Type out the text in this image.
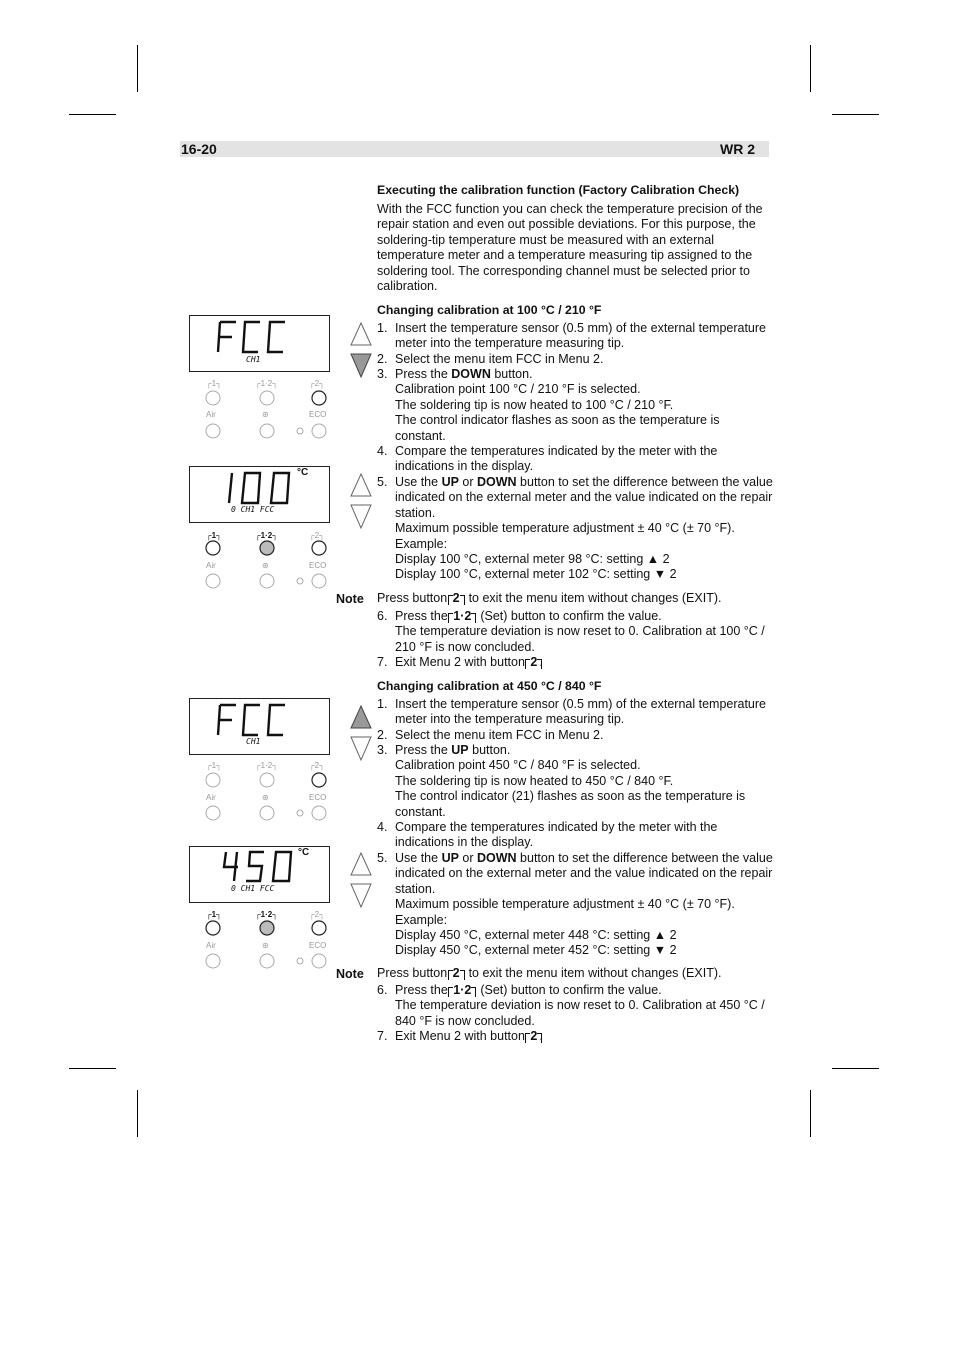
16-20	WR 2
Executing the calibration function (Factory Calibration Check)
With the FCC function you can check the temperature precision of the repair station and even out possible deviations. For this purpose, the soldering-tip temperature must be measured with an external temperature meter and a temperature measuring tip assigned to the soldering tool. The corresponding channel must be selected prior to calibration.
Changing calibration at 100 °C / 210 °F
CH1
┌1┐	┌1·2┐	┌2┐
Air	⊛	ECO
°C
0 CH1 FCC
┌1┐	┌1·2┐	┌2┐
Air	⊛	ECO
1. Insert the temperature sensor (0.5 mm) of the external temperature meter into the temperature measuring tip.
2. Select the menu item FCC in Menu 2.
3. Press the DOWN button.
Calibration point 100 °C / 210 °F is selected.
The soldering tip is now heated to 100 °C / 210 °F.
The control indicator flashes as soon as the temperature is constant.
4. Compare the temperatures indicated by the meter with the indications in the display.
5. Use the UP or DOWN button to set the difference between the value indicated on the external meter and the value indicated on the repair station.
Maximum possible temperature adjustment ± 40 °C (± 70 °F).
Example:
Display 100 °C, external meter 98 °C: setting ▲ 2
Display 100 °C, external meter 102 °C: setting ▼ 2
Note Press button 2  to exit the menu item without changes (EXIT).
6. Press the 1·2  (Set) button to confirm the value.
The temperature deviation is now reset to 0. Calibration at 100 °C / 210 °F is now concluded.
7. Exit Menu 2 with button 2 .
Changing calibration at 450 °C / 840 °F
CH1
┌1┐	┌1·2┐	┌2┐
Air	⊛	ECO
°C
0 CH1 FCC
┌1┐	┌1·2┐	┌2┐
Air	⊛	ECO
1. Insert the temperature sensor (0.5 mm) of the external temperature meter into the temperature measuring tip.
2. Select the menu item FCC in Menu 2.
3. Press the UP button.
Calibration point 450 °C / 840 °F is selected.
The soldering tip is now heated to 450 °C / 840 °F.
The control indicator (21) flashes as soon as the temperature is constant.
4. Compare the temperatures indicated by the meter with the indications in the display.
5. Use the UP or DOWN button to set the difference between the value indicated on the external meter and the value indicated on the repair station.
Maximum possible temperature adjustment ± 40 °C (± 70 °F).
Example:
Display 450 °C, external meter 448 °C: setting ▲ 2
Display 450 °C, external meter 452 °C: setting ▼ 2
Note Press button 2  to exit the menu item without changes (EXIT).
6. Press the 1·2  (Set) button to confirm the value.
The temperature deviation is now reset to 0. Calibration at 450 °C / 840 °F is now concluded.
7. Exit Menu 2 with button 2 .
